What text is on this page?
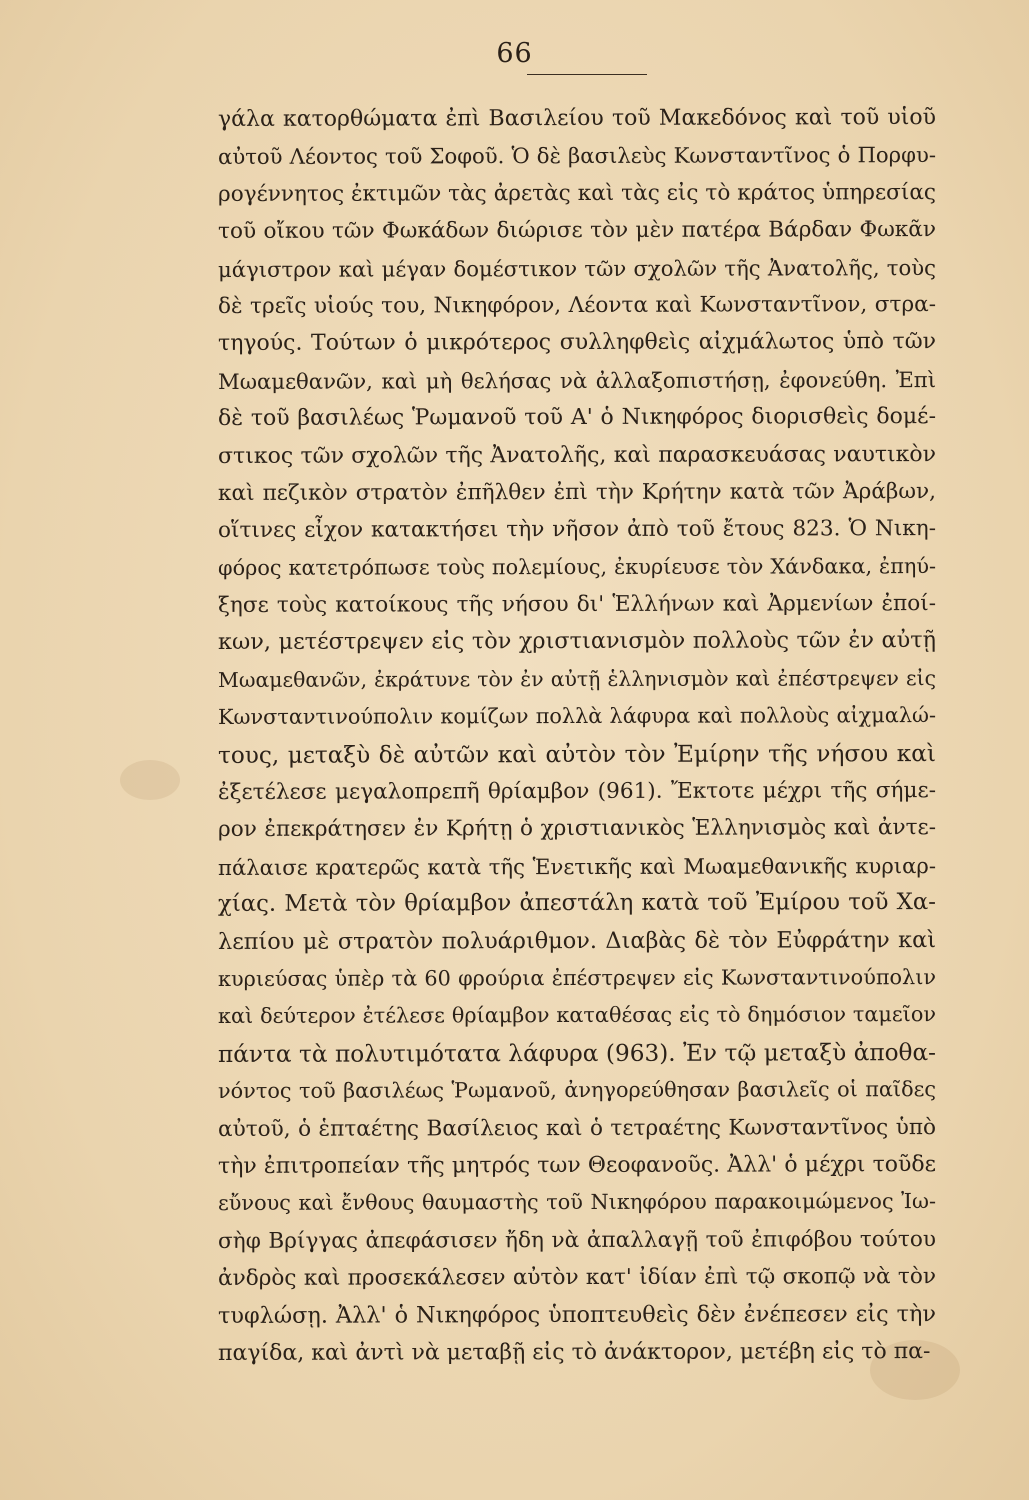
66
γάλα κατορθώματα ἐπὶ Βασιλείου τοῦ Μακεδόνος καὶ τοῦ υἱοῦ
αὐτοῦ Λέοντος τοῦ Σοφοῦ. Ὁ δὲ βασιλεὺς Κωνσταντῖνος ὁ Πορφυ-
ρογέννητος ἐκτιμῶν τὰς ἀρετὰς καὶ τὰς εἰς τὸ κράτος ὑπηρεσίας
τοῦ οἴκου τῶν Φωκάδων διώρισε τὸν μὲν πατέρα Βάρδαν Φωκᾶν
μάγιστρον καὶ μέγαν δομέστικον τῶν σχολῶν τῆς Ἀνατολῆς, τοὺς
δὲ τρεῖς υἱούς του, Νικηφόρον, Λέοντα καὶ Κωνσταντῖνον, στρα-
τηγούς. Τούτων ὁ μικρότερος συλληφθεὶς αἰχμάλωτος ὑπὸ τῶν
Μωαμεθανῶν, καὶ μὴ θελήσας νὰ ἀλλαξοπιστήσῃ, ἐφονεύθη. Ἐπὶ
δὲ τοῦ βασιλέως Ῥωμανοῦ τοῦ Α' ὁ Νικηφόρος διορισθεὶς δομέ-
στικος τῶν σχολῶν τῆς Ἀνατολῆς, καὶ παρασκευάσας ναυτικὸν
καὶ πεζικὸν στρατὸν ἐπῆλθεν ἐπὶ τὴν Κρήτην κατὰ τῶν Ἀράβων,
οἵτινες εἶχον κατακτήσει τὴν νῆσον ἀπὸ τοῦ ἔτους 823. Ὁ Νικη-
φόρος κατετρόπωσε τοὺς πολεμίους, ἐκυρίευσε τὸν Χάνδακα, ἐπηύ-
ξησε τοὺς κατοίκους τῆς νήσου δι' Ἑλλήνων καὶ Ἀρμενίων ἐποί-
κων, μετέστρεψεν εἰς τὸν χριστιανισμὸν πολλοὺς τῶν ἐν αὐτῇ
Μωαμεθανῶν, ἐκράτυνε τὸν ἐν αὐτῇ ἑλληνισμὸν καὶ ἐπέστρεψεν εἰς
Κωνσταντινούπολιν κομίζων πολλὰ λάφυρα καὶ πολλοὺς αἰχμαλώ-
τους, μεταξὺ δὲ αὐτῶν καὶ αὐτὸν τὸν Ἐμίρην τῆς νήσου καὶ
ἐξετέλεσε μεγαλοπρεπῆ θρίαμβον (961). Ἔκτοτε μέχρι τῆς σήμε-
ρον ἐπεκράτησεν ἐν Κρήτῃ ὁ χριστιανικὸς Ἑλληνισμὸς καὶ ἀντε-
πάλαισε κρατερῶς κατὰ τῆς Ἑνετικῆς καὶ Μωαμεθανικῆς κυριαρ-
χίας. Μετὰ τὸν θρίαμβον ἀπεστάλη κατὰ τοῦ Ἐμίρου τοῦ Χα-
λεπίου μὲ στρατὸν πολυάριθμον. Διαβὰς δὲ τὸν Εὐφράτην καὶ
κυριεύσας ὑπὲρ τὰ 60 φρούρια ἐπέστρεψεν εἰς Κωνσταντινούπολιν
καὶ δεύτερον ἐτέλεσε θρίαμβον καταθέσας εἰς τὸ δημόσιον ταμεῖον
πάντα τὰ πολυτιμότατα λάφυρα (963). Ἐν τῷ μεταξὺ ἀποθα-
νόντος τοῦ βασιλέως Ῥωμανοῦ, ἀνηγορεύθησαν βασιλεῖς οἱ παῖδες
αὐτοῦ, ὁ ἑπταέτης Βασίλειος καὶ ὁ τετραέτης Κωνσταντῖνος ὑπὸ
τὴν ἐπιτροπείαν τῆς μητρός των Θεοφανοῦς. Ἀλλ' ὁ μέχρι τοῦδε
εὔνους καὶ ἔνθους θαυμαστὴς τοῦ Νικηφόρου παρακοιμώμενος Ἰω-
σὴφ Βρίγγας ἀπεφάσισεν ἤδη νὰ ἀπαλλαγῇ τοῦ ἐπιφόβου τούτου
ἀνδρὸς καὶ προσεκάλεσεν αὐτὸν κατ' ἰδίαν ἐπὶ τῷ σκοπῷ νὰ τὸν
τυφλώσῃ. Ἀλλ' ὁ Νικηφόρος ὑποπτευθεὶς δὲν ἐνέπεσεν εἰς τὴν
παγίδα, καὶ ἀντὶ νὰ μεταβῇ εἰς τὸ ἀνάκτορον, μετέβη εἰς τὸ πα-
